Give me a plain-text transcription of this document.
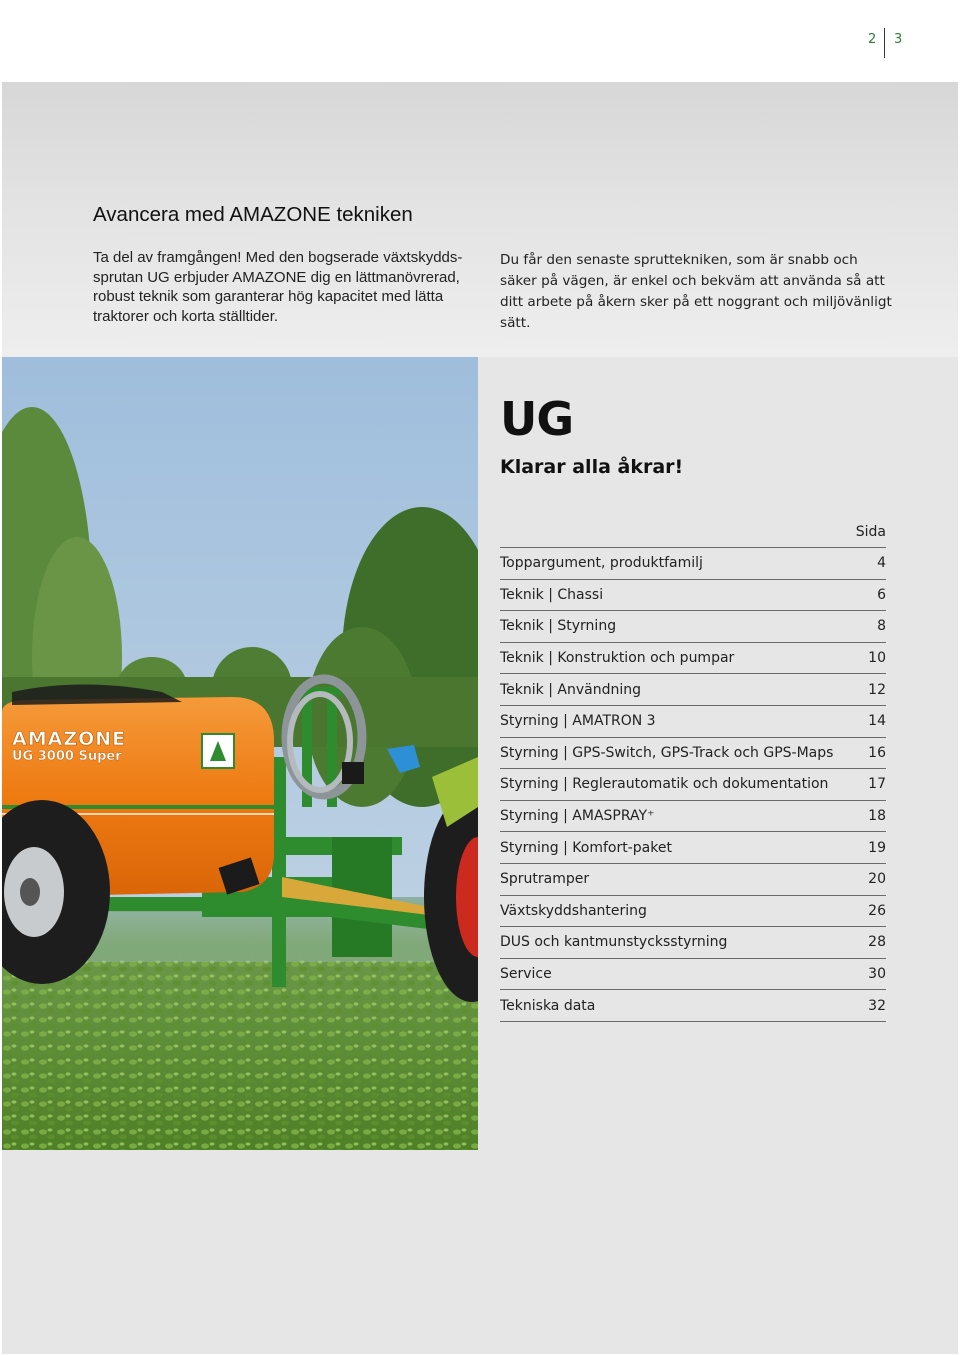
2 3
Avancera med AMAZONE tekniken

Ta del av framgången! Med den bogserade växtskydds-sprutan UG erbjuder AMAZONE dig en lättmanövrerad, robust teknik som garanterar hög kapacitet med lätta traktorer och korta ställtider.

Du får den senaste sprutteknikеn, som är snabb och säker på vägen, är enkel och bekväm att använda så att ditt arbete på åkern sker på ett noggrant och miljövänligt sätt.

AMAZONE
UG 3000 Super
UG
Klarar alla åkrar!
Sida
Toppargument, produktfamilj	4
Teknik | Chassi	6
Teknik | Styrning	8
Teknik | Konstruktion och pumpar	10
Teknik | Användning	12
Styrning | AMATRON 3	14
Styrning | GPS-Switch, GPS-Track och GPS-Maps 16
Styrning | Reglerautomatik och dokumentation	17
Styrning | AMASPRAY⁺	18
Styrning | Komfort-paket	19
Sprutramper	20
Växtskyddshantering	26
DUS och kantmunstycksstyrning	28
Service	30
Tekniska data	32
